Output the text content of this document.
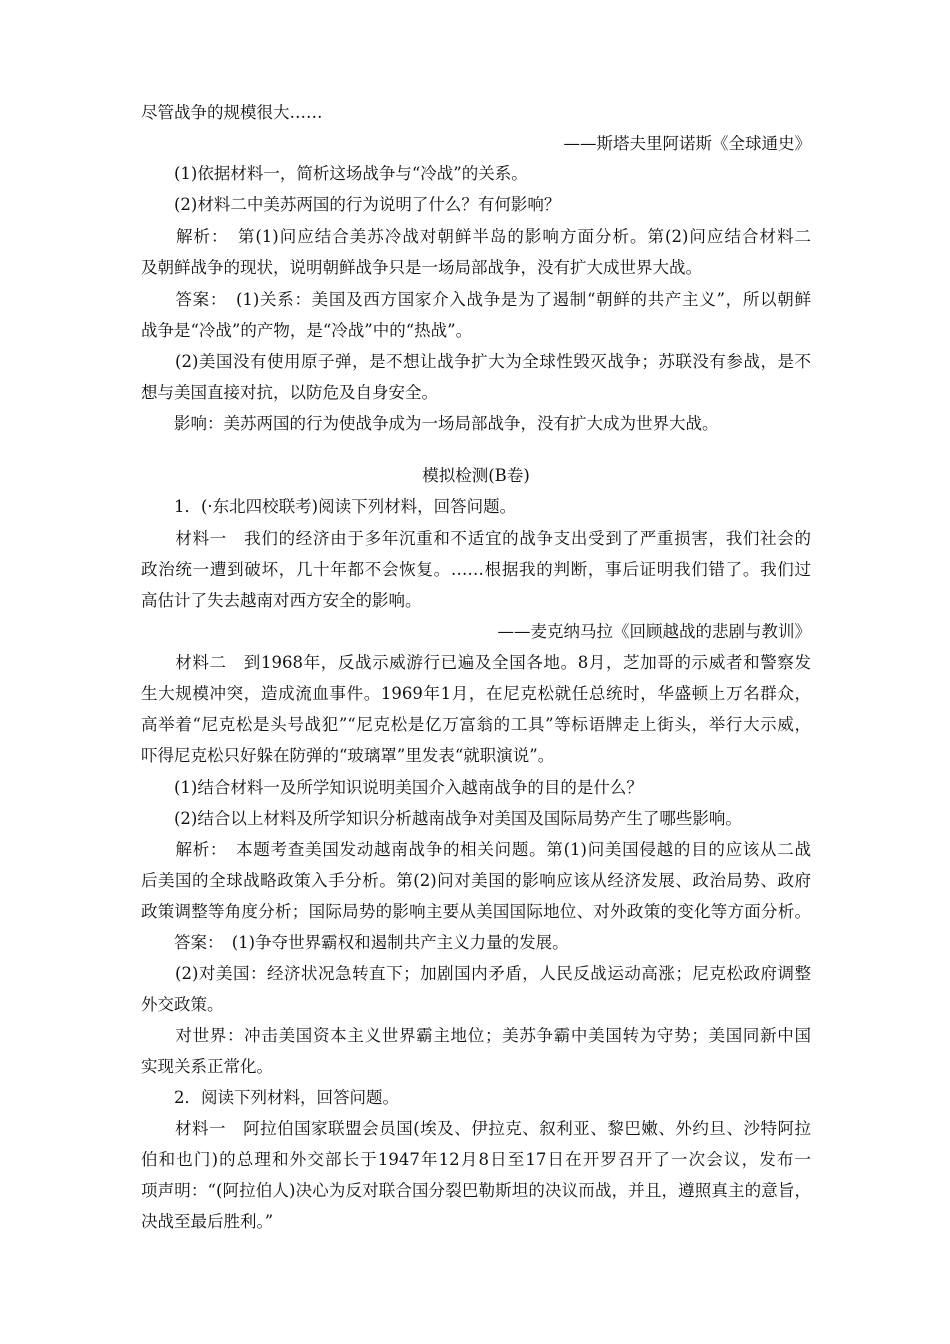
尽管战争的规模很大……
——斯塔夫里阿诺斯《全球通史》
　　(1)依据材料一，简析这场战争与“冷战”的关系。
　　(2)材料二中美苏两国的行为说明了什么？有何影响？
　　解析：　第(1)问应结合美苏冷战对朝鲜半岛的影响方面分析。第(2)问应结合材料二
及朝鲜战争的现状，说明朝鲜战争只是一场局部战争，没有扩大成世界大战。
　　答案：　(1)关系：美国及西方国家介入战争是为了遏制“朝鲜的共产主义”，所以朝鲜
战争是“冷战”的产物，是“冷战”中的“热战”。
　　(2)美国没有使用原子弹，是不想让战争扩大为全球性毁灭战争；苏联没有参战，是不
想与美国直接对抗，以防危及自身安全。
　　影响：美苏两国的行为使战争成为一场局部战争，没有扩大成为世界大战。
模拟检测(B卷)
　　1．(·东北四校联考)阅读下列材料，回答问题。
　　材料一　我们的经济由于多年沉重和不适宜的战争支出受到了严重损害，我们社会的
政治统一遭到破坏，几十年都不会恢复。……根据我的判断，事后证明我们错了。我们过
高估计了失去越南对西方安全的影响。
——麦克纳马拉《回顾越战的悲剧与教训》
　　材料二　到1968年，反战示威游行已遍及全国各地。8月，芝加哥的示威者和警察发
生大规模冲突，造成流血事件。1969年1月，在尼克松就任总统时，华盛顿上万名群众，
高举着“尼克松是头号战犯”“尼克松是亿万富翁的工具”等标语牌走上街头，举行大示威，
吓得尼克松只好躲在防弹的“玻璃罩”里发表“就职演说”。
　　(1)结合材料一及所学知识说明美国介入越南战争的目的是什么？
　　(2)结合以上材料及所学知识分析越南战争对美国及国际局势产生了哪些影响。
　　解析：　本题考查美国发动越南战争的相关问题。第(1)问美国侵越的目的应该从二战
后美国的全球战略政策入手分析。第(2)问对美国的影响应该从经济发展、政治局势、政府
政策调整等角度分析；国际局势的影响主要从美国国际地位、对外政策的变化等方面分析。
　　答案：　(1)争夺世界霸权和遏制共产主义力量的发展。
　　(2)对美国：经济状况急转直下；加剧国内矛盾，人民反战运动高涨；尼克松政府调整
外交政策。
　　对世界：冲击美国资本主义世界霸主地位；美苏争霸中美国转为守势；美国同新中国
实现关系正常化。
　　2．阅读下列材料，回答问题。
　　材料一　阿拉伯国家联盟会员国(埃及、伊拉克、叙利亚、黎巴嫩、外约旦、沙特阿拉
伯和也门)的总理和外交部长于1947年12月8日至17日在开罗召开了一次会议，发布一
项声明：“(阿拉伯人)决心为反对联合国分裂巴勒斯坦的决议而战，并且，遵照真主的意旨，
决战至最后胜利。”
